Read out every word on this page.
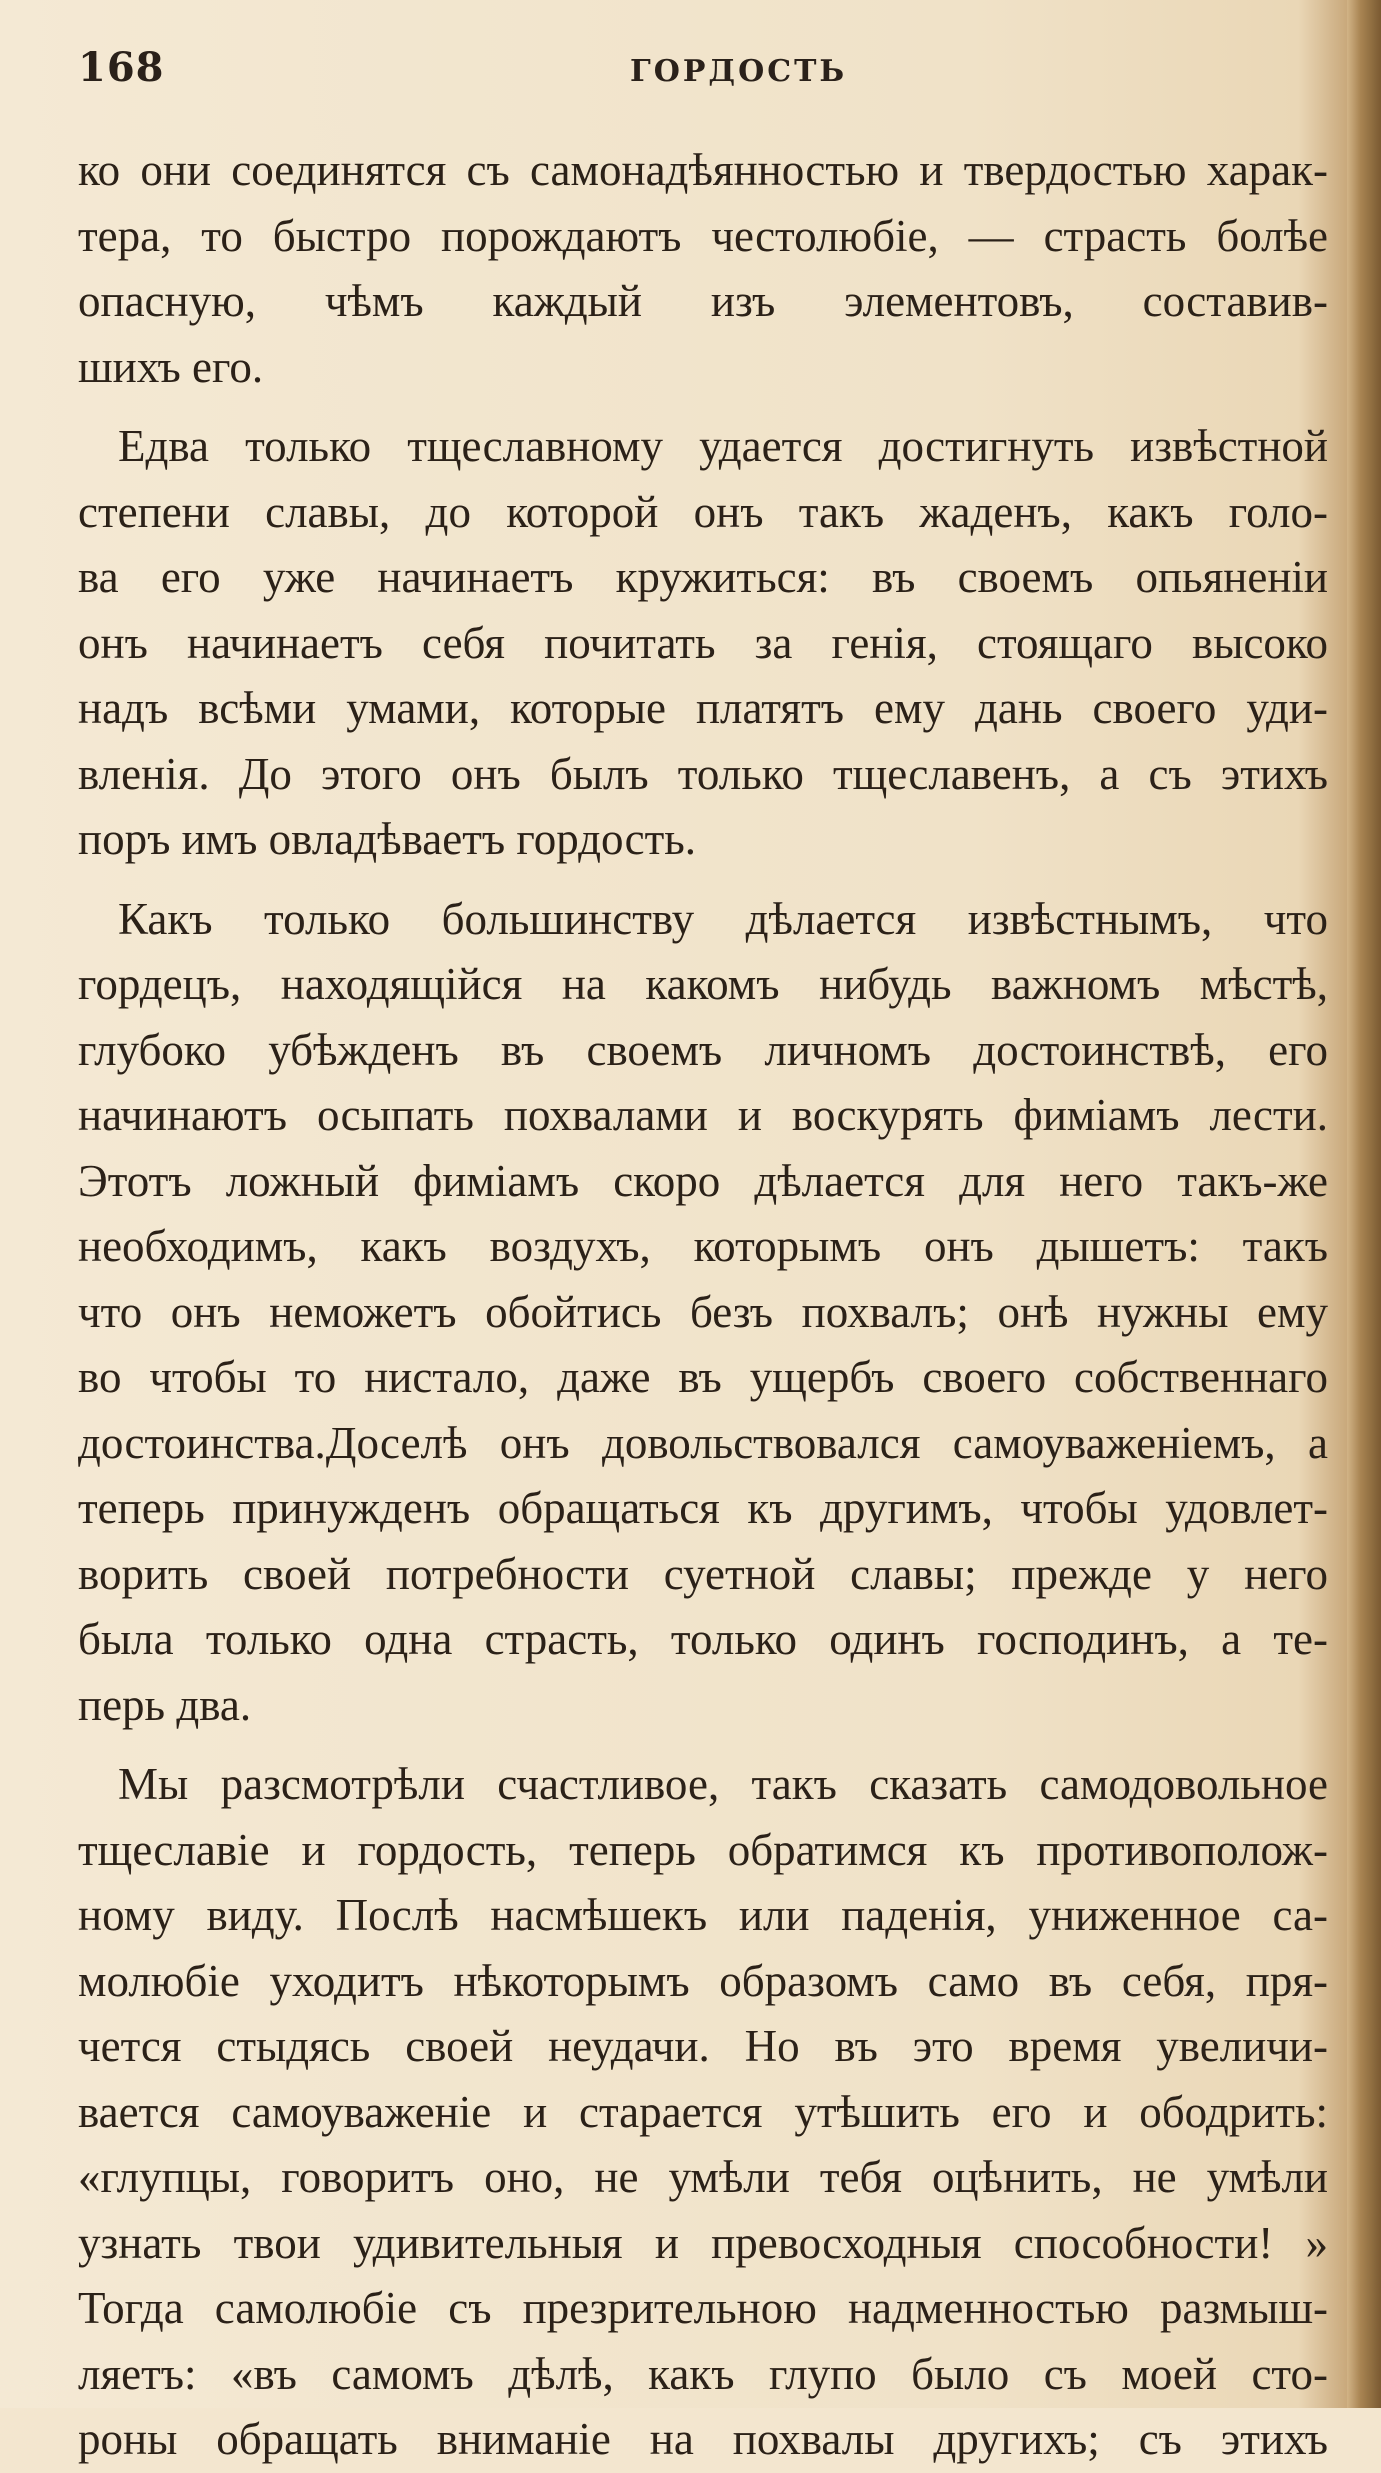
168	ГОРДОСТЬ
ко они соединятся съ самонадѣянностью и твердостью харак-
тера, то быстро порождаютъ честолюбіе, — страсть болѣе
опасную, чѣмъ каждый изъ элементовъ, составив-
шихъ его.
Едва только тщеславному удается достигнуть извѣстной
степени славы, до которой онъ такъ жаденъ, какъ голо-
ва его уже начинаетъ кружиться: въ своемъ опьяненіи
онъ начинаетъ себя почитать за генія, стоящаго высоко
надъ всѣми умами, которые платятъ ему дань своего уди-
вленія. До этого онъ былъ только тщеславенъ, а съ этихъ
поръ имъ овладѣваетъ гордость.
Какъ только большинству дѣлается извѣстнымъ, что
гордецъ, находящійся на какомъ нибудь важномъ мѣстѣ,
глубоко убѣжденъ въ своемъ личномъ достоинствѣ, его
начинаютъ осыпать похвалами и воскурять фиміамъ лести.
Этотъ ложный фиміамъ скоро дѣлается для него такъ-же
необходимъ, какъ воздухъ, которымъ онъ дышетъ: такъ
что онъ неможетъ обойтись безъ похвалъ; онѣ нужны ему
во чтобы то нистало, даже въ ущербъ своего собственнаго
достоинства.Доселѣ онъ довольствовался самоуваженіемъ, а
теперь принужденъ обращаться къ другимъ, чтобы удовлет-
ворить своей потребности суетной славы; прежде у него
была только одна страсть, только одинъ господинъ, а те-
перь два.
Мы разсмотрѣли счастливое, такъ сказать самодовольное
тщеславіе и гордость, теперь обратимся къ противополож-
ному виду. Послѣ насмѣшекъ или паденія, униженное са-
молюбіе уходитъ нѣкоторымъ образомъ само въ себя, пря-
чется стыдясь своей неудачи. Но въ это время увеличи-
вается самоуваженіе и старается утѣшить его и ободрить:
«глупцы, говоритъ оно, не умѣли тебя оцѣнить, не умѣли
узнать твои удивительныя и превосходныя способности! »
Тогда самолюбіе съ презрительною надменностью размыш-
ляетъ: «въ самомъ дѣлѣ, какъ глупо было съ моей сто-
роны обращать вниманіе на похвалы другихъ; съ этихъ
